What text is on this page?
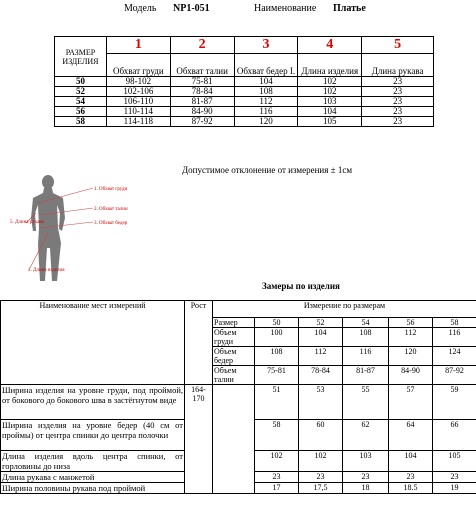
Модель NP1-051	Наименование Платье
РАЗМЕР ИЗДЕЛИЯ	1	2	3	4	5
	Обхват груди	Обхват талии	Обхват бедер I.	Длина изделия	Длина рукава
50	98-102	75-81	104	102	23
52	102-106	78-84	108	102	23
54	106-110	81-87	112	103	23
56	110-114	84-90	116	104	23
58	114-118	87-92	120	105	23
Допустимое отклонение от измерения ± 1см
1. Обхват груди
2. Обхват талии
3. Обхват бедер
5. Длина рукава
4. Длина изделия
Замеры по изделия
Наименование мест измерений	Рост	Измерение по размерам					
		Размер	50	52	54	56	58
		Объем груди	100	104	108	112	116
		Объем бедер	108	112	116	120	124
		Объем талии	75-81	78-84	81-87	84-90	87-92
Ширина изделия на уровне груди, под проймой, от бокового до бокового шва в застёгнутом виде	164-170		51	53	55	57	59
Ширина изделия на уровне бедер (40 см от проймы) от центра спинки до центра полочки			58	60	62	64	66
Длина изделия вдоль центра спинки, от горловины до низа			102	102	103	104	105
Длина рукава с манжетой			23	23	23	23	23
Ширина половины рукава под проймой			17	17,5	18	18.5	19
